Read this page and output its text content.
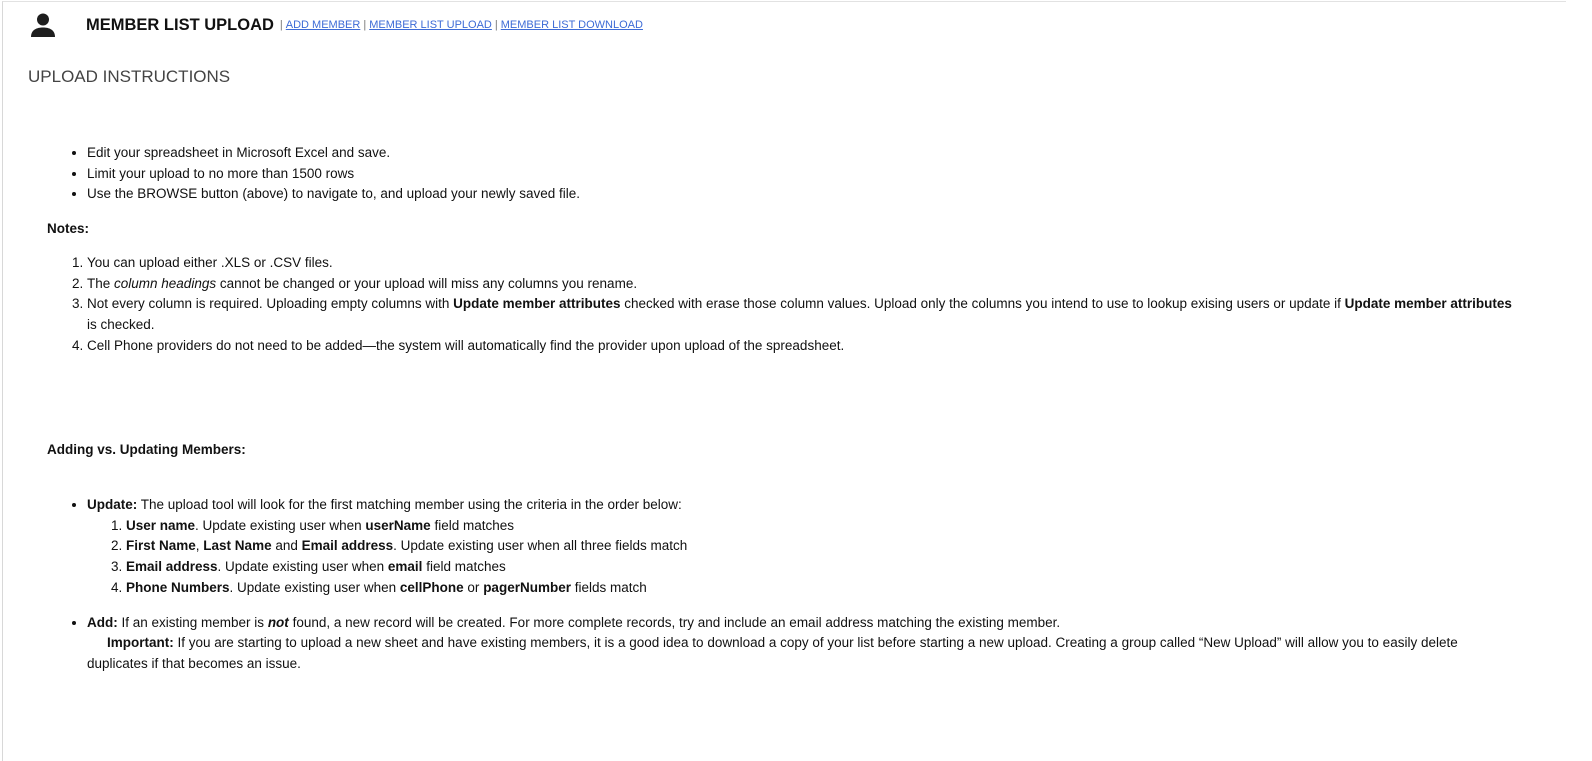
MEMBER LIST UPLOAD | ADD MEMBER | MEMBER LIST UPLOAD | MEMBER LIST DOWNLOAD
UPLOAD INSTRUCTIONS
• Edit your spreadsheet in Microsoft Excel and save.
• Limit your upload to no more than 1500 rows
• Use the BROWSE button (above) to navigate to, and upload your newly saved file.
Notes:
1. You can upload either .XLS or .CSV files.
2. The column headings cannot be changed or your upload will miss any columns you rename.
3. Not every column is required. Uploading empty columns with Update member attributes checked with erase those column values. Upload only the columns you intend to use to lookup exising users or update if Update member attributes is checked.
4. Cell Phone providers do not need to be added—the system will automatically find the provider upon upload of the spreadsheet.
Adding vs. Updating Members:
• Update: The upload tool will look for the first matching member using the criteria in the order below:
1. User name. Update existing user when userName field matches
2. First Name, Last Name and Email address. Update existing user when all three fields match
3. Email address. Update existing user when email field matches
4. Phone Numbers. Update existing user when cellPhone or pagerNumber fields match
• Add: If an existing member is not found, a new record will be created. For more complete records, try and include an email address matching the existing member.
Important: If you are starting to upload a new sheet and have existing members, it is a good idea to download a copy of your list before starting a new upload. Creating a group called “New Upload” will allow you to easily delete duplicates if that becomes an issue.
